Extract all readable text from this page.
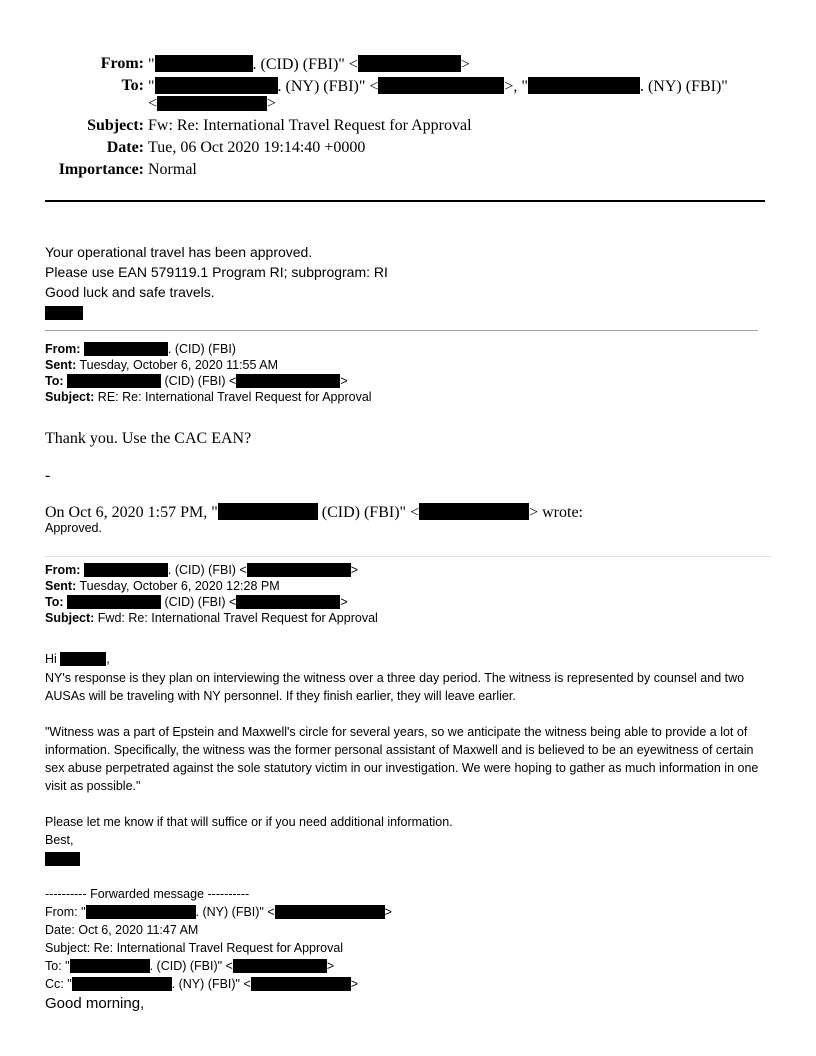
From: "	. (CID) (FBI)" <	>
To: "	. (NY) (FBI)" <	>, "	. (NY) (FBI)"
<	>
Subject: Fw: Re: International Travel Request for Approval
Date: Tue, 06 Oct 2020 19:14:40 +0000
Importance: Normal
Your operational travel has been approved.
Please use EAN 579119.1 Program RI; subprogram: RI
Good luck and safe travels.
From:	. (CID) (FBI)
Sent: Tuesday, October 6, 2020 11:55 AM
To:	(CID) (FBI) <	>
Subject: RE: Re: International Travel Request for Approval
Thank you. Use the CAC EAN?
-
On Oct 6, 2020 1:57 PM, "	(CID) (FBI)" <	> wrote:
Approved.
From:	. (CID) (FBI) <	>
Sent: Tuesday, October 6, 2020 12:28 PM
To:	(CID) (FBI) <	>
Subject: Fwd: Re: International Travel Request for Approval
Hi	,
NY's response is they plan on interviewing the witness over a three day period. The witness is represented by counsel and two AUSAs will be traveling with NY personnel. If they finish earlier, they will leave earlier.
"Witness was a part of Epstein and Maxwell's circle for several years, so we anticipate the witness being able to provide a lot of information. Specifically, the witness was the former personal assistant of Maxwell and is believed to be an eyewitness of certain sex abuse perpetrated against the sole statutory victim in our investigation. We were hoping to gather as much information in one visit as possible."
Please let me know if that will suffice or if you need additional information.
Best,
---------- Forwarded message ----------
From: "	. (NY) (FBI)" <	>
Date: Oct 6, 2020 11:47 AM
Subject: Re: International Travel Request for Approval
To: "	. (CID) (FBI)" <	>
Cc: "	. (NY) (FBI)" <	>
Good morning,
